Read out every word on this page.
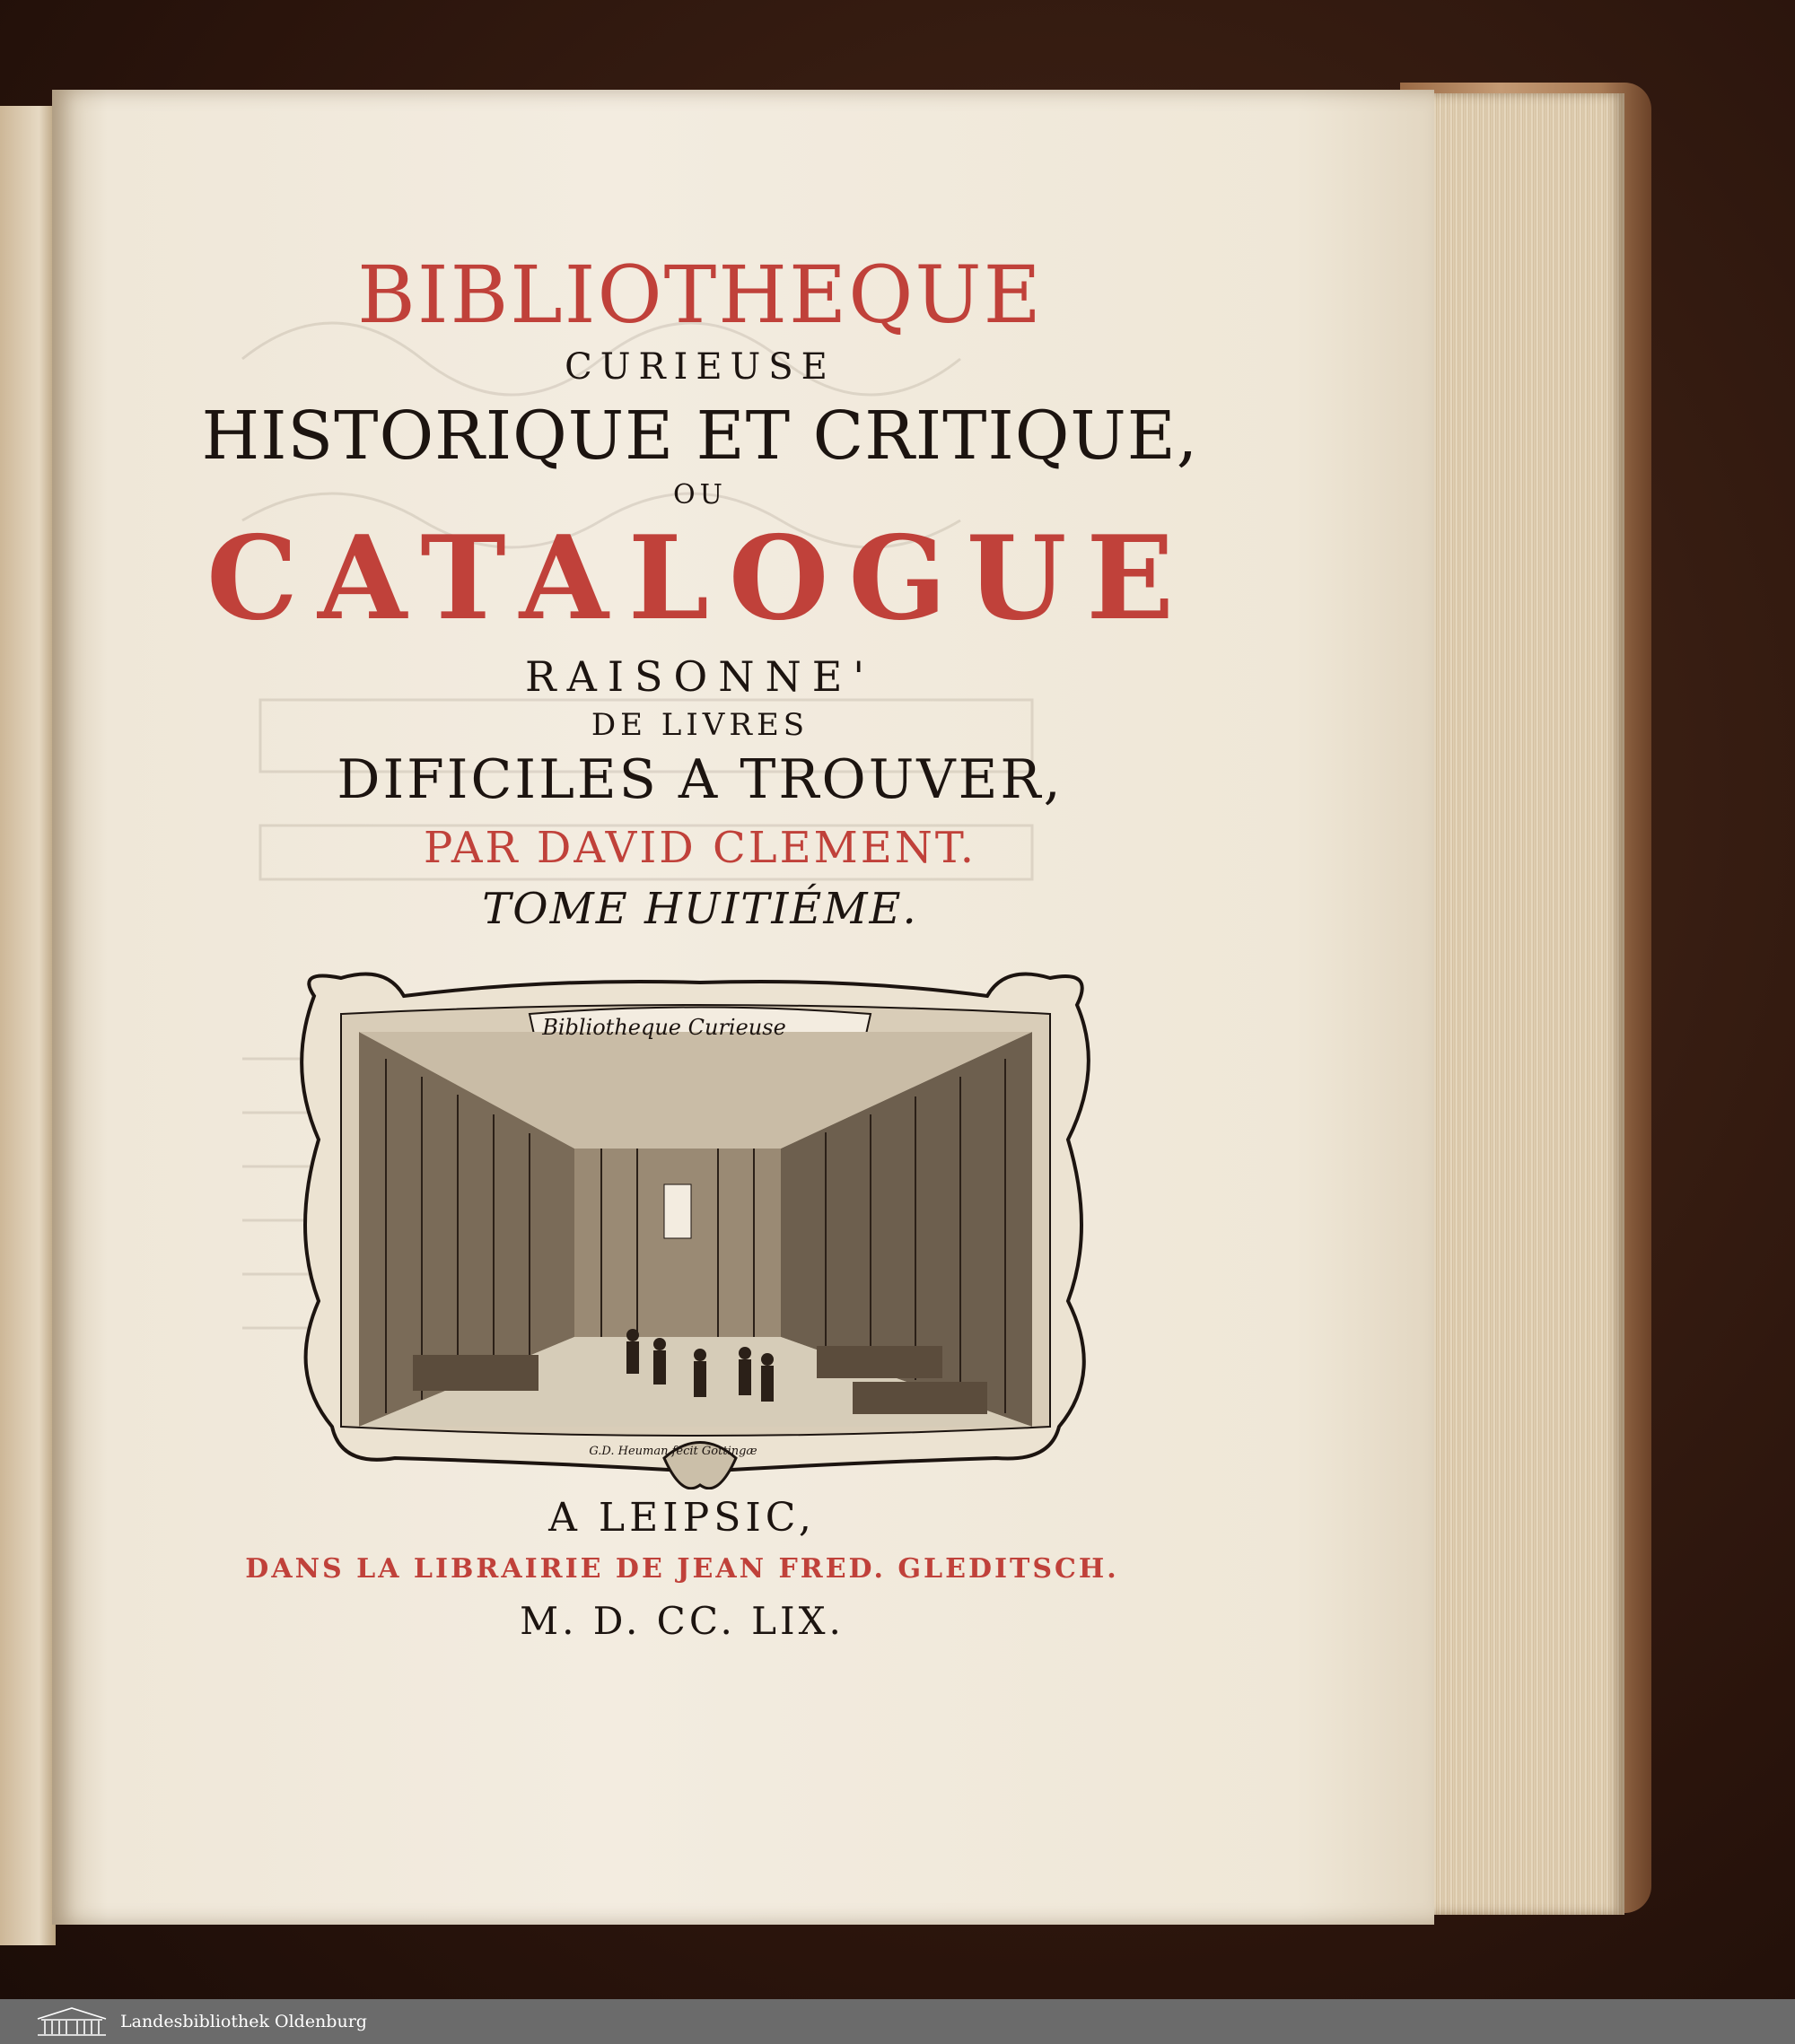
BIBLIOTHEQUE
CURIEUSE
HISTORIQUE ET CRITIQUE,
OU
CATALOGUE
RAISONNE'
DE LIVRES
DIFICILES A TROUVER,
PAR DAVID CLEMENT.
TOME HUITIÉME.
Bibliotheque Curieuse
G.D. Heuman fecit Gottingæ
A LEIPSIC,
DANS LA LIBRAIRIE DE JEAN FRED. GLEDITSCH.
M. D. CC. LIX.
Landesbibliothek Oldenburg
